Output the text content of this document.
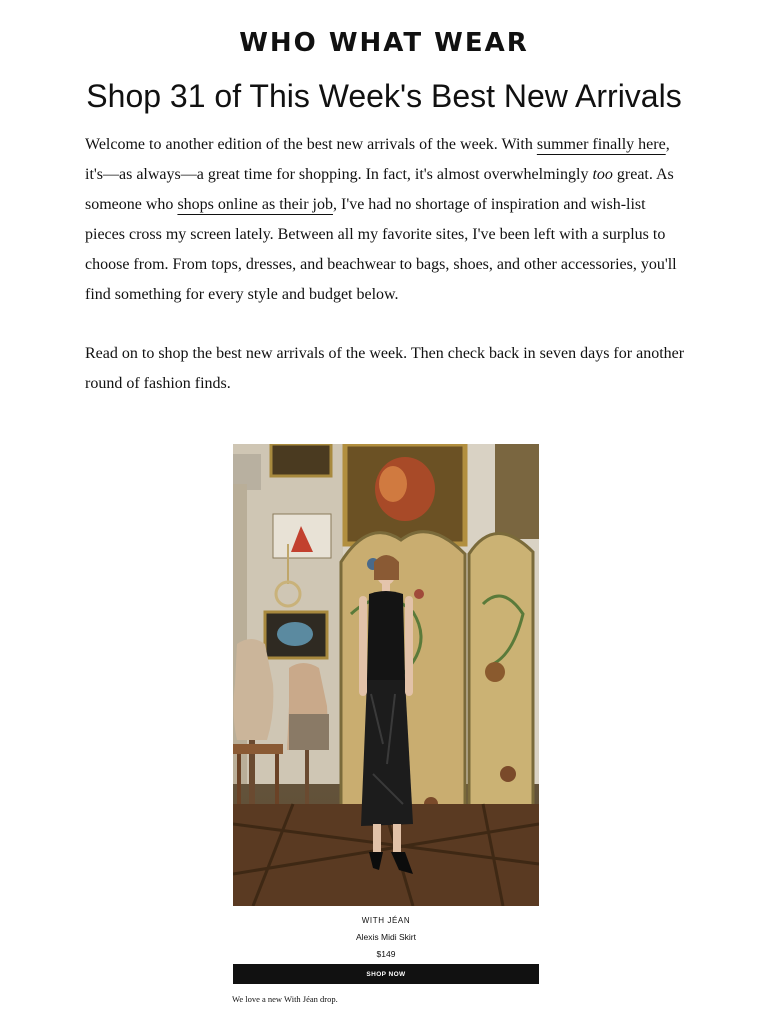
WHO WHAT WEAR
Shop 31 of This Week's Best New Arrivals

Welcome to another edition of the best new arrivals of the week. With summer finally here, it's—as always—a great time for shopping. In fact, it's almost overwhelmingly too great. As someone who shops online as their job, I've had no shortage of inspiration and wish-list pieces cross my screen lately. Between all my favorite sites, I've been left with a surplus to choose from. From tops, dresses, and beachwear to bags, shoes, and other accessories, you'll find something for every style and budget below.

Read on to shop the best new arrivals of the week. Then check back in seven days for another round of fashion finds.

WITH JÉAN
Alexis Midi Skirt
$149
SHOP NOW
We love a new With Jéan drop.
